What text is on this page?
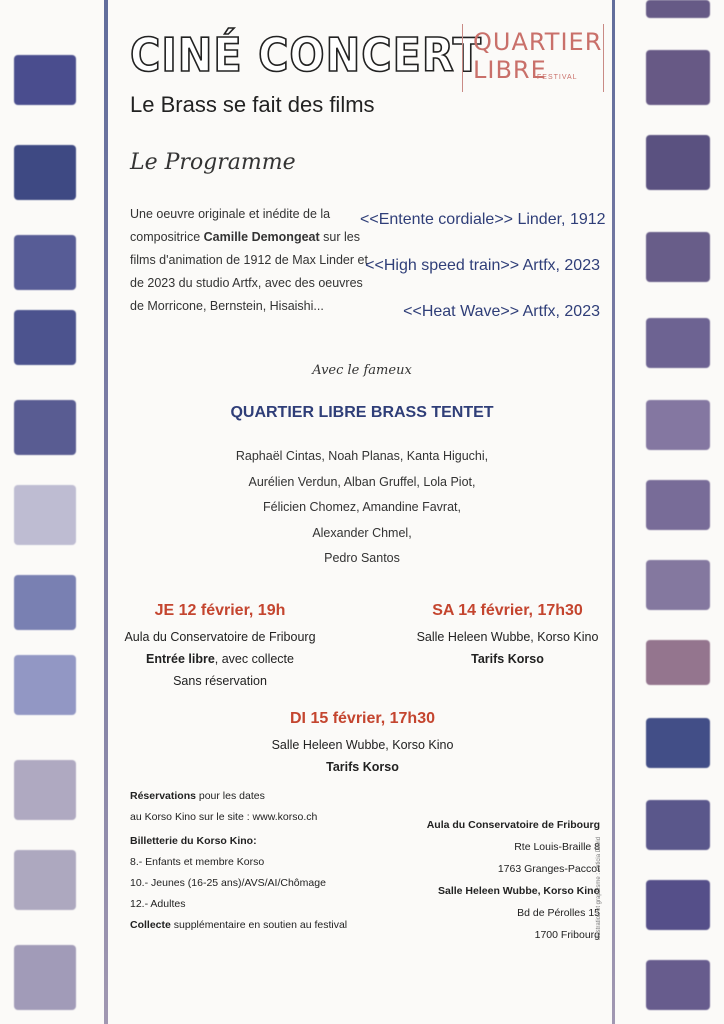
CINÉ CONCERT
QUARTIER
LIBRE
FESTIVAL
Le Brass se fait des films
Le Programme
Une oeuvre originale et inédite de la compositrice Camille Demongeat sur les films d'animation de 1912 de Max Linder et de 2023 du studio Artfx, avec des oeuvres de Morricone, Bernstein, Hisaishi...
<<Entente cordiale>> Linder, 1912
<<High speed train>> Artfx, 2023
<<Heat Wave>> Artfx, 2023
Avec le fameux
QUARTIER LIBRE BRASS TENTET
Raphaël Cintas, Noah Planas, Kanta Higuchi,
Aurélien Verdun, Alban Gruffel, Lola Piot,
Félicien Chomez, Amandine Favrat,
Alexander Chmel,
Pedro Santos
JE 12 février, 19h
Aula du Conservatoire de Fribourg
Entrée libre, avec collecte
Sans réservation
SA 14 février, 17h30
Salle Heleen Wubbe, Korso Kino
Tarifs Korso
DI 15 février, 17h30
Salle Heleen Wubbe, Korso Kino
Tarifs Korso
Réservations pour les dates
au Korso Kino sur le site : www.korso.ch
Billetterie du Korso Kino:
8.- Enfants et membre Korso
10.- Jeunes (16-25 ans)/AVS/AI/Chômage
12.- Adultes
Collecte supplémentaire en soutien au festival
Aula du Conservatoire de Fribourg
Rte Louis-Braille 8
1763 Granges-Paccot
Salle Heleen Wubbe, Korso Kino
Bd de Pérolles 15
1700 Fribourg
Illustration et graphisme : Leticia David
